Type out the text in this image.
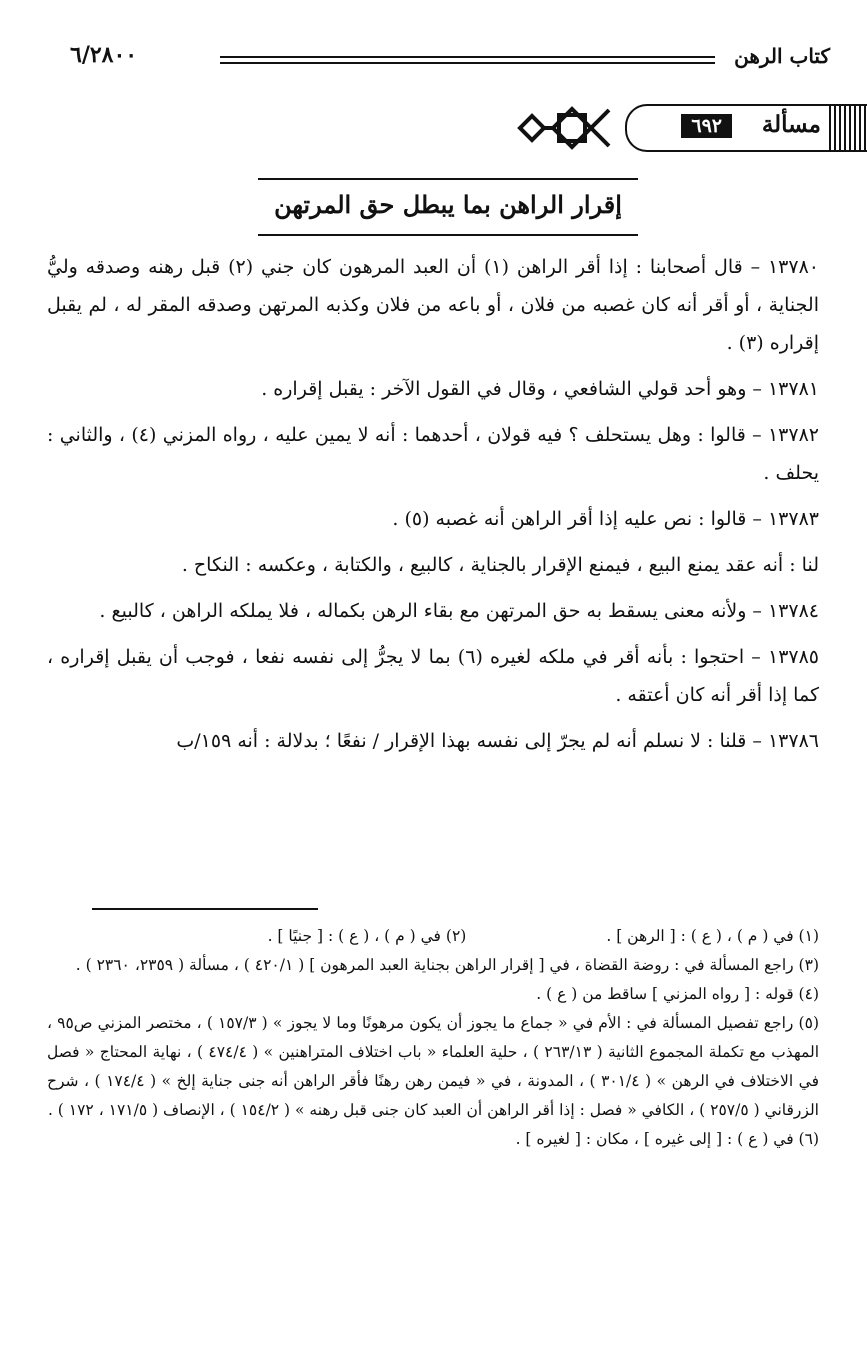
كتاب الرهن
٦/٢٨٠٠
مسألة
٦٩٢
إقرار الراهن بما يبطل حق المرتهن

١٣٧٨٠ – قال أصحابنا : إذا أقر الراهن (١) أن العبد المرهون كان جني (٢) قبل رهنه وصدقه وليُّ الجناية ، أو أقر أنه كان غصبه من فلان ، أو باعه من فلان وكذبه المرتهن وصدقه المقر له ، لم يقبل إقراره (٣) .

١٣٧٨١ – وهو أحد قولي الشافعي ، وقال في القول الآخر : يقبل إقراره .

١٣٧٨٢ – قالوا : وهل يستحلف ؟ فيه قولان ، أحدهما : أنه لا يمين عليه ، رواه المزني (٤) ، والثاني : يحلف .

١٣٧٨٣ – قالوا : نص عليه إذا أقر الراهن أنه غصبه (٥) .

لنا : أنه عقد يمنع البيع ، فيمنع الإقرار بالجناية ، كالبيع ، والكتابة ، وعكسه : النكاح .

١٣٧٨٤ – ولأنه معنى يسقط به حق المرتهن مع بقاء الرهن بكماله ، فلا يملكه الراهن ، كالبيع .

١٣٧٨٥ – احتجوا : بأنه أقر في ملكه لغيره (٦) بما لا يجرُّ إلى نفسه نفعا ، فوجب أن يقبل إقراره ، كما إذا أقر أنه كان أعتقه .

١٣٧٨٦ – قلنا : لا نسلم أنه لم يجرّ إلى نفسه بهذا الإقرار / نفعًا ؛ بدلالة : أنه ١٥٩/ب

(١) في ( م ) ، ( ع ) : [ الرهن ] .
(٢) في ( م ) ، ( ع ) : [ جنيًا ] .

(٣) راجع المسألة في : روضة القضاة ، في [ إقرار الراهن بجناية العبد المرهون ] ( ٤٢٠/١ ) ، مسألة ( ٢٣٥٩، ٢٣٦٠ ) .

(٤) قوله : [ رواه المزني ] ساقط من ( ع ) .

(٥) راجع تفصيل المسألة في : الأم في « جماع ما يجوز أن يكون مرهونًا وما لا يجوز » ( ١٥٧/٣ ) ، مختصر المزني ص٩٥ ، المهذب مع تكملة المجموع الثانية ( ٢٦٣/١٣ ) ، حلية العلماء « باب اختلاف المتراهنين » ( ٤٧٤/٤ ) ، نهاية المحتاج « فصل في الاختلاف في الرهن » ( ٣٠١/٤ ) ، المدونة ، في « فيمن رهن رهنًا فأقر الراهن أنه جنى جناية إلخ » ( ١٧٤/٤ ) ، شرح الزرقاني ( ٢٥٧/٥ ) ، الكافي « فصل : إذا أقر الراهن أن العبد كان جنى قبل رهنه » ( ١٥٤/٢ ) ، الإنصاف ( ١٧١/٥ ، ١٧٢ ) .

(٦) في ( ع ) : [ إلى غيره ] ، مكان : [ لغيره ] .
